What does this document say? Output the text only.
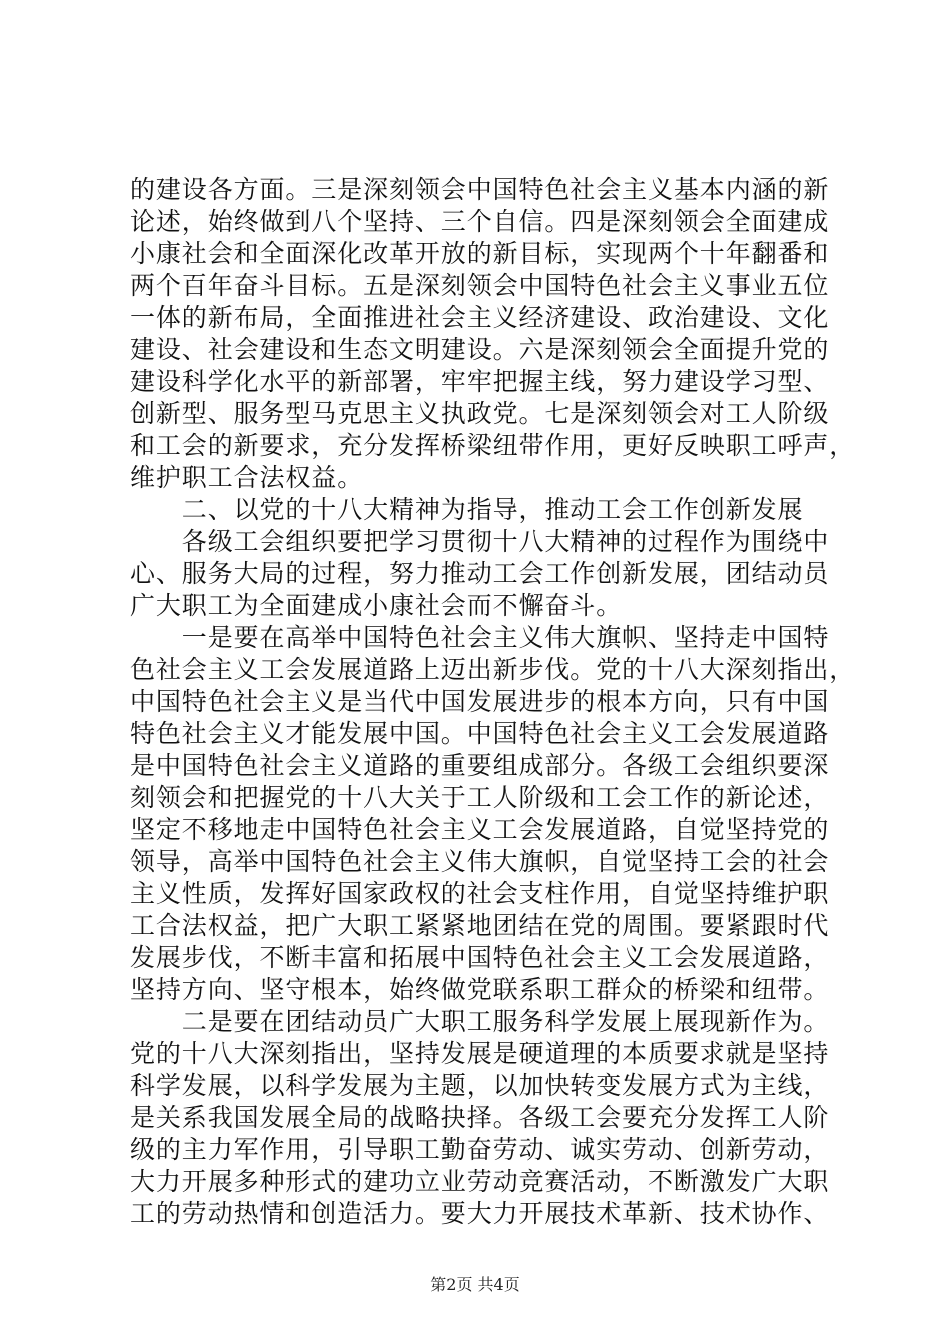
的建设各方面。三是深刻领会中国特色社会主义基本内涵的新
论述，始终做到八个坚持、三个自信。四是深刻领会全面建成
小康社会和全面深化改革开放的新目标，实现两个十年翻番和
两个百年奋斗目标。五是深刻领会中国特色社会主义事业五位
一体的新布局，全面推进社会主义经济建设、政治建设、文化
建设、社会建设和生态文明建设。六是深刻领会全面提升党的
建设科学化水平的新部署，牢牢把握主线，努力建设学习型、
创新型、服务型马克思主义执政党。七是深刻领会对工人阶级
和工会的新要求，充分发挥桥梁纽带作用，更好反映职工呼声，
维护职工合法权益。
　　二、以党的十八大精神为指导，推动工会工作创新发展
　　各级工会组织要把学习贯彻十八大精神的过程作为围绕中
心、服务大局的过程，努力推动工会工作创新发展，团结动员
广大职工为全面建成小康社会而不懈奋斗。
　　一是要在高举中国特色社会主义伟大旗帜、坚持走中国特
色社会主义工会发展道路上迈出新步伐。党的十八大深刻指出，
中国特色社会主义是当代中国发展进步的根本方向，只有中国
特色社会主义才能发展中国。中国特色社会主义工会发展道路
是中国特色社会主义道路的重要组成部分。各级工会组织要深
刻领会和把握党的十八大关于工人阶级和工会工作的新论述，
坚定不移地走中国特色社会主义工会发展道路，自觉坚持党的
领导，高举中国特色社会主义伟大旗帜，自觉坚持工会的社会
主义性质，发挥好国家政权的社会支柱作用，自觉坚持维护职
工合法权益，把广大职工紧紧地团结在党的周围。要紧跟时代
发展步伐，不断丰富和拓展中国特色社会主义工会发展道路，
坚持方向、坚守根本，始终做党联系职工群众的桥梁和纽带。
　　二是要在团结动员广大职工服务科学发展上展现新作为。
党的十八大深刻指出，坚持发展是硬道理的本质要求就是坚持
科学发展，以科学发展为主题，以加快转变发展方式为主线，
是关系我国发展全局的战略抉择。各级工会要充分发挥工人阶
级的主力军作用，引导职工勤奋劳动、诚实劳动、创新劳动，
大力开展多种形式的建功立业劳动竞赛活动，不断激发广大职
工的劳动热情和创造活力。要大力开展技术革新、技术协作、
第2页 共4页
